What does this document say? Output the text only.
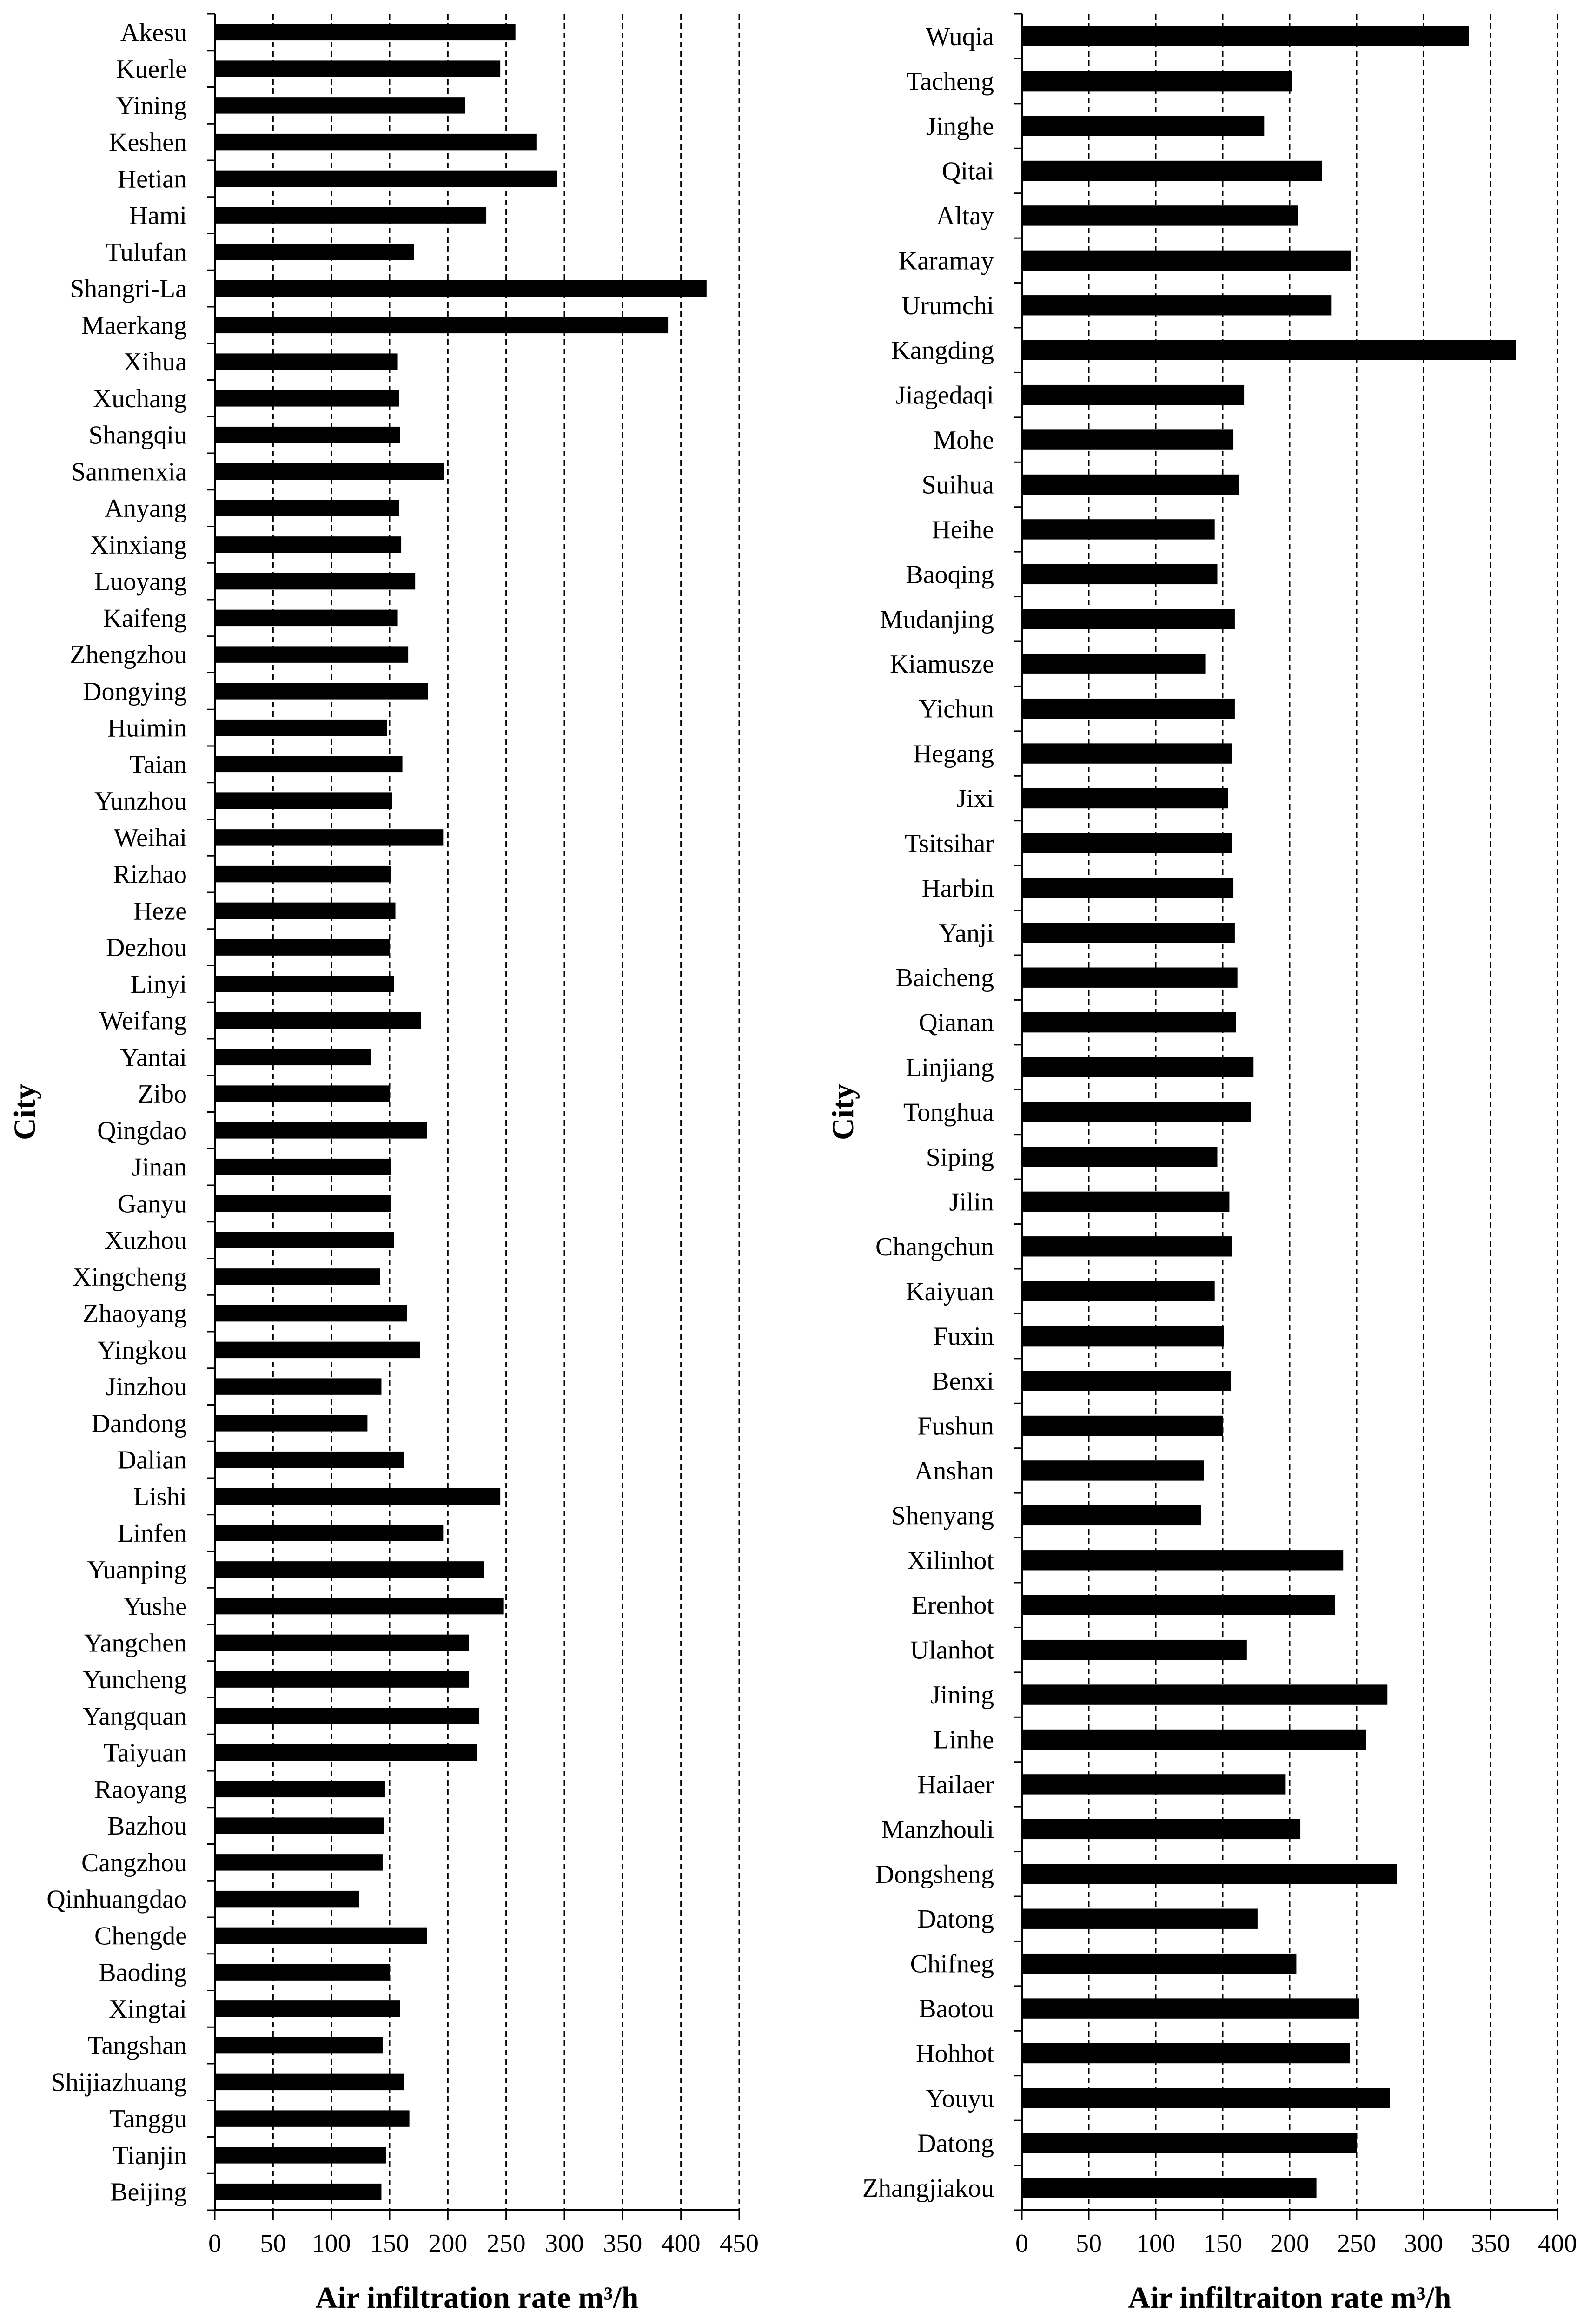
Akesu
Kuerle
Yining
Keshen
Hetian
Hami
Tulufan
Shangri-La
Maerkang
Xihua
Xuchang
Shangqiu
Sanmenxia
Anyang
Xinxiang
Luoyang
Kaifeng
Zhengzhou
Dongying
Huimin
Taian
Yunzhou
Weihai
Rizhao
Heze
Dezhou
Linyi
Weifang
Yantai
Zibo
Qingdao
Jinan
Ganyu
Xuzhou
Xingcheng
Zhaoyang
Yingkou
Jinzhou
Dandong
Dalian
Lishi
Linfen
Yuanping
Yushe
Yangchen
Yuncheng
Yangquan
Taiyuan
Raoyang
Bazhou
Cangzhou
Qinhuangdao
Chengde
Baoding
Xingtai
Tangshan
Shijiazhuang
Tanggu
Tianjin
Beijing
0 50 100 150 200 250 300 350 400 450
Air infiltration rate m³/h
City
Wuqia
Tacheng
Jinghe
Qitai
Altay
Karamay
Urumchi
Kangding
Jiagedaqi
Mohe
Suihua
Heihe
Baoqing
Mudanjing
Kiamusze
Yichun
Hegang
Jixi
Tsitsihar
Harbin
Yanji
Baicheng
Qianan
Linjiang
Tonghua
Siping
Jilin
Changchun
Kaiyuan
Fuxin
Benxi
Fushun
Anshan
Shenyang
Xilinhot
Erenhot
Ulanhot
Jining
Linhe
Hailaer
Manzhouli
Dongsheng
Datong
Chifneg
Baotou
Hohhot
Youyu
Datong
Zhangjiakou
0 50 100 150 200 250 300 350 400
Air infiltraiton rate m³/h
City
